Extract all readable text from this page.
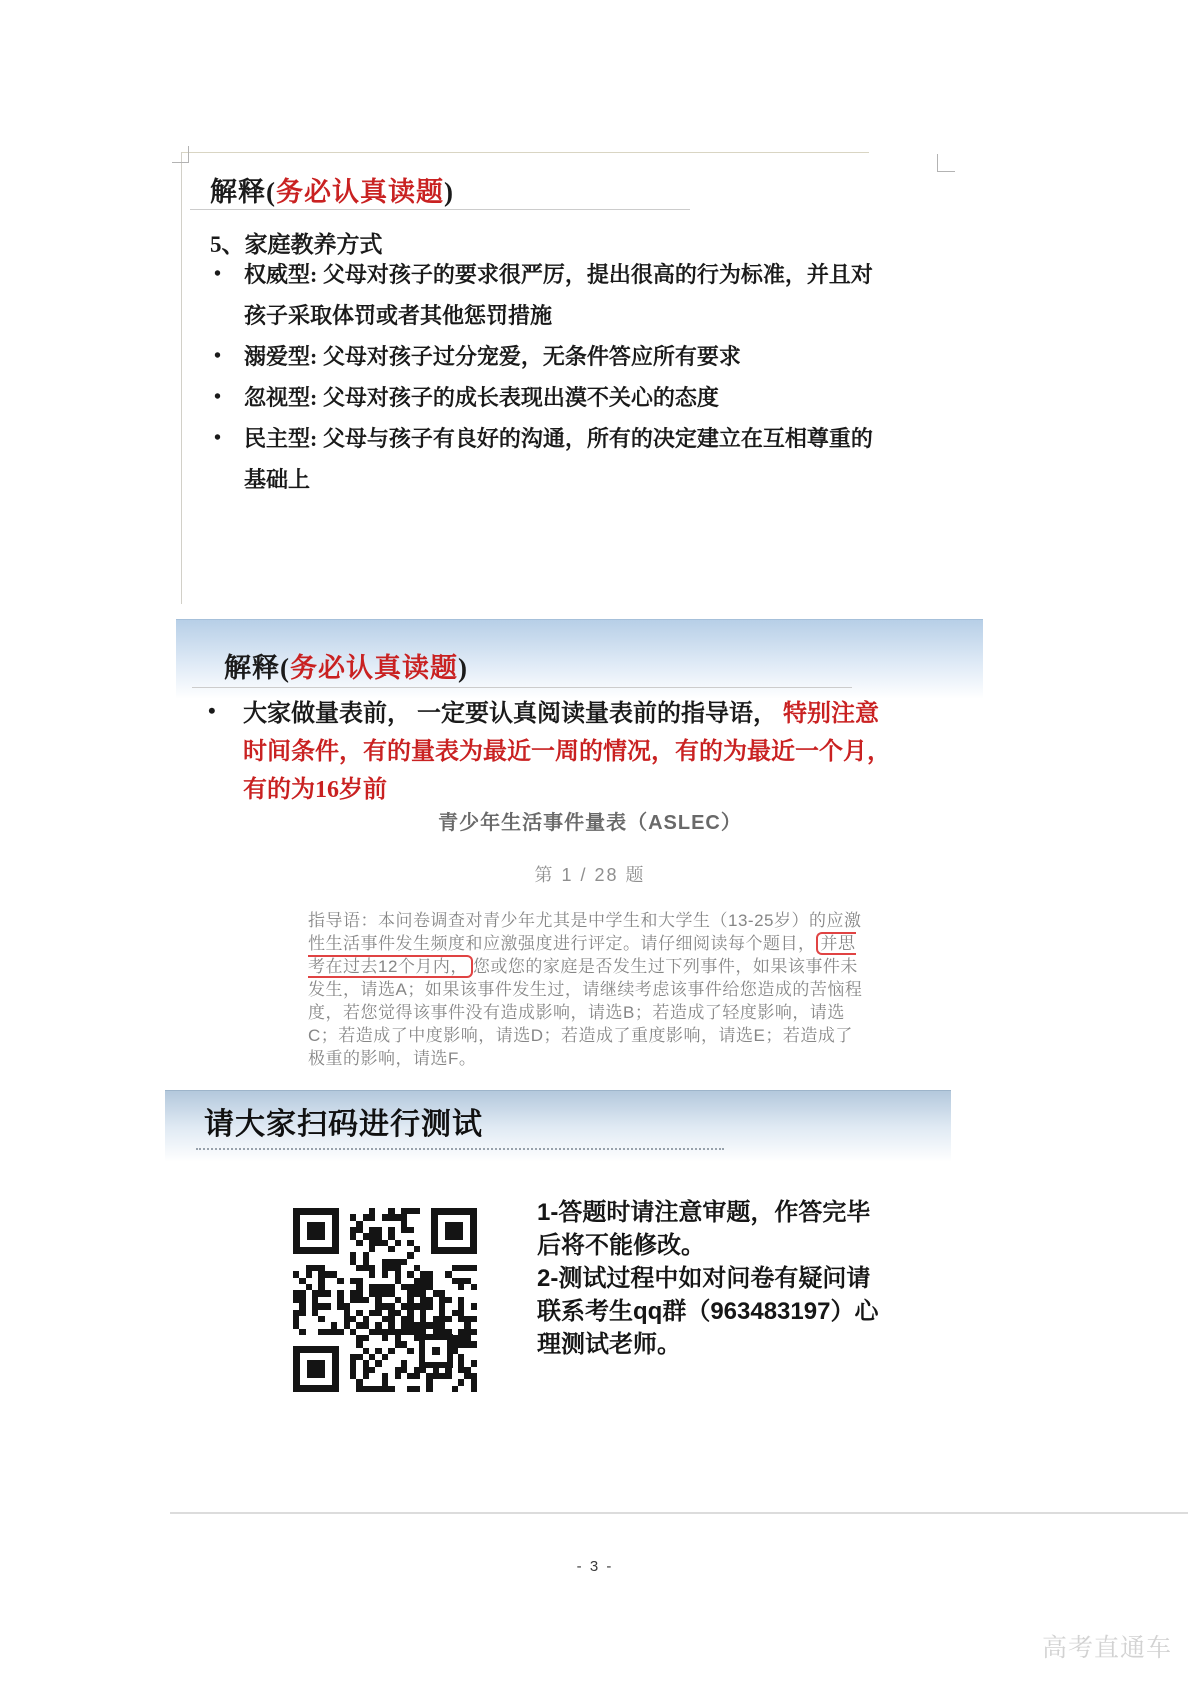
解释(务必认真读题)
5、家庭教养方式
• 权威型: 父母对孩子的要求很严厉，提出很高的行为标准，并且对孩子采取体罚或者其他惩罚措施
• 溺爱型: 父母对孩子过分宠爱，无条件答应所有要求
• 忽视型: 父母对孩子的成长表现出漠不关心的态度
• 民主型: 父母与孩子有良好的沟通，所有的决定建立在互相尊重的基础上
解释(务必认真读题)
• 大家做量表前， 一定要认真阅读量表前的指导语， 特别注意时间条件，有的量表为最近一周的情况，有的为最近一个月，有的为16岁前

青少年生活事件量表（ASLEC）
第 1 / 28 题

指导语：本问卷调查对青少年尤其是中学生和大学生（13-25岁）的应激性生活事件发生频度和应激强度进行评定。请仔细阅读每个题目， 并思考在过去12个月内， 您或您的家庭是否发生过下列事件，如果该事件未发生，请选A；如果该事件发生过，请继续考虑该事件给您造成的苦恼程度，若您觉得该事件没有造成影响，请选B；若造成了轻度影响，请选C；若造成了中度影响，请选D；若造成了重度影响，请选E；若造成了极重的影响，请选F。

请大家扫码进行测试

1-答题时请注意审题，作答完毕后将不能修改。

2-测试过程中如对问卷有疑问请联系考生qq群（963483197）心理测试老师。

- 3 -
高考直通车
